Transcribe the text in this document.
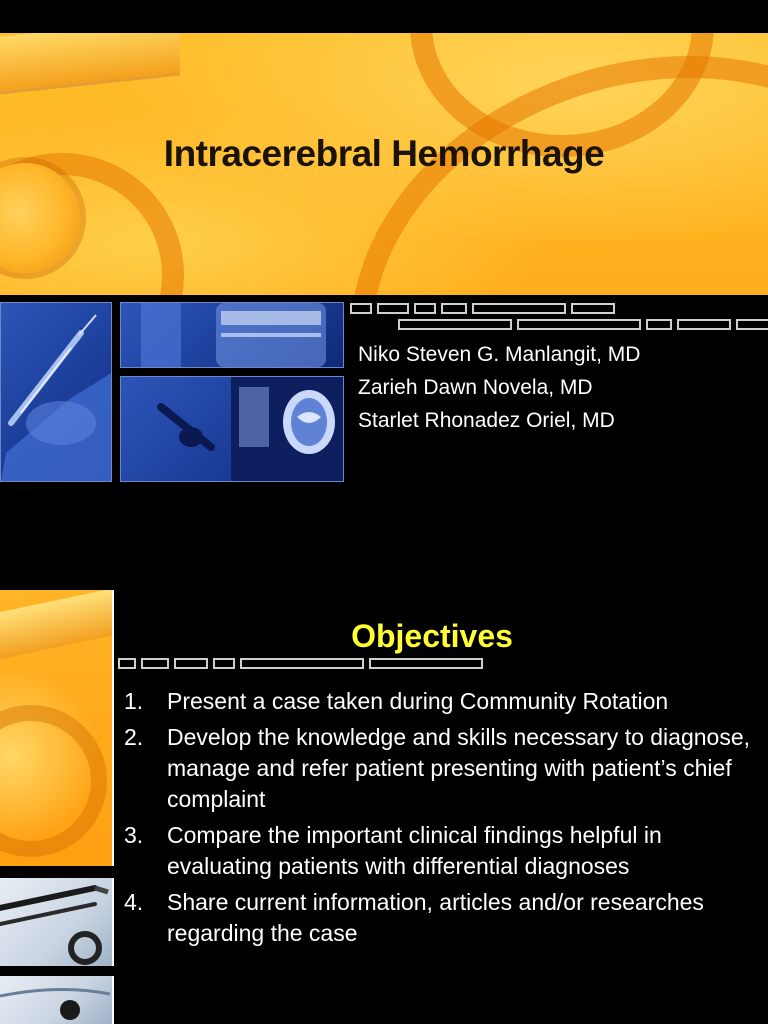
Intracerebral Hemorrhage
Niko Steven G. Manlangit, MD
Zarieh Dawn Novela, MD
Starlet Rhonadez Oriel, MD
Objectives
1. Present a case taken during Community Rotation
2. Develop the knowledge and skills necessary to diagnose, manage and refer patient presenting with patient’s chief complaint
3. Compare the important clinical findings helpful in evaluating patients with differential diagnoses
4. Share current information, articles and/or researches regarding the case
